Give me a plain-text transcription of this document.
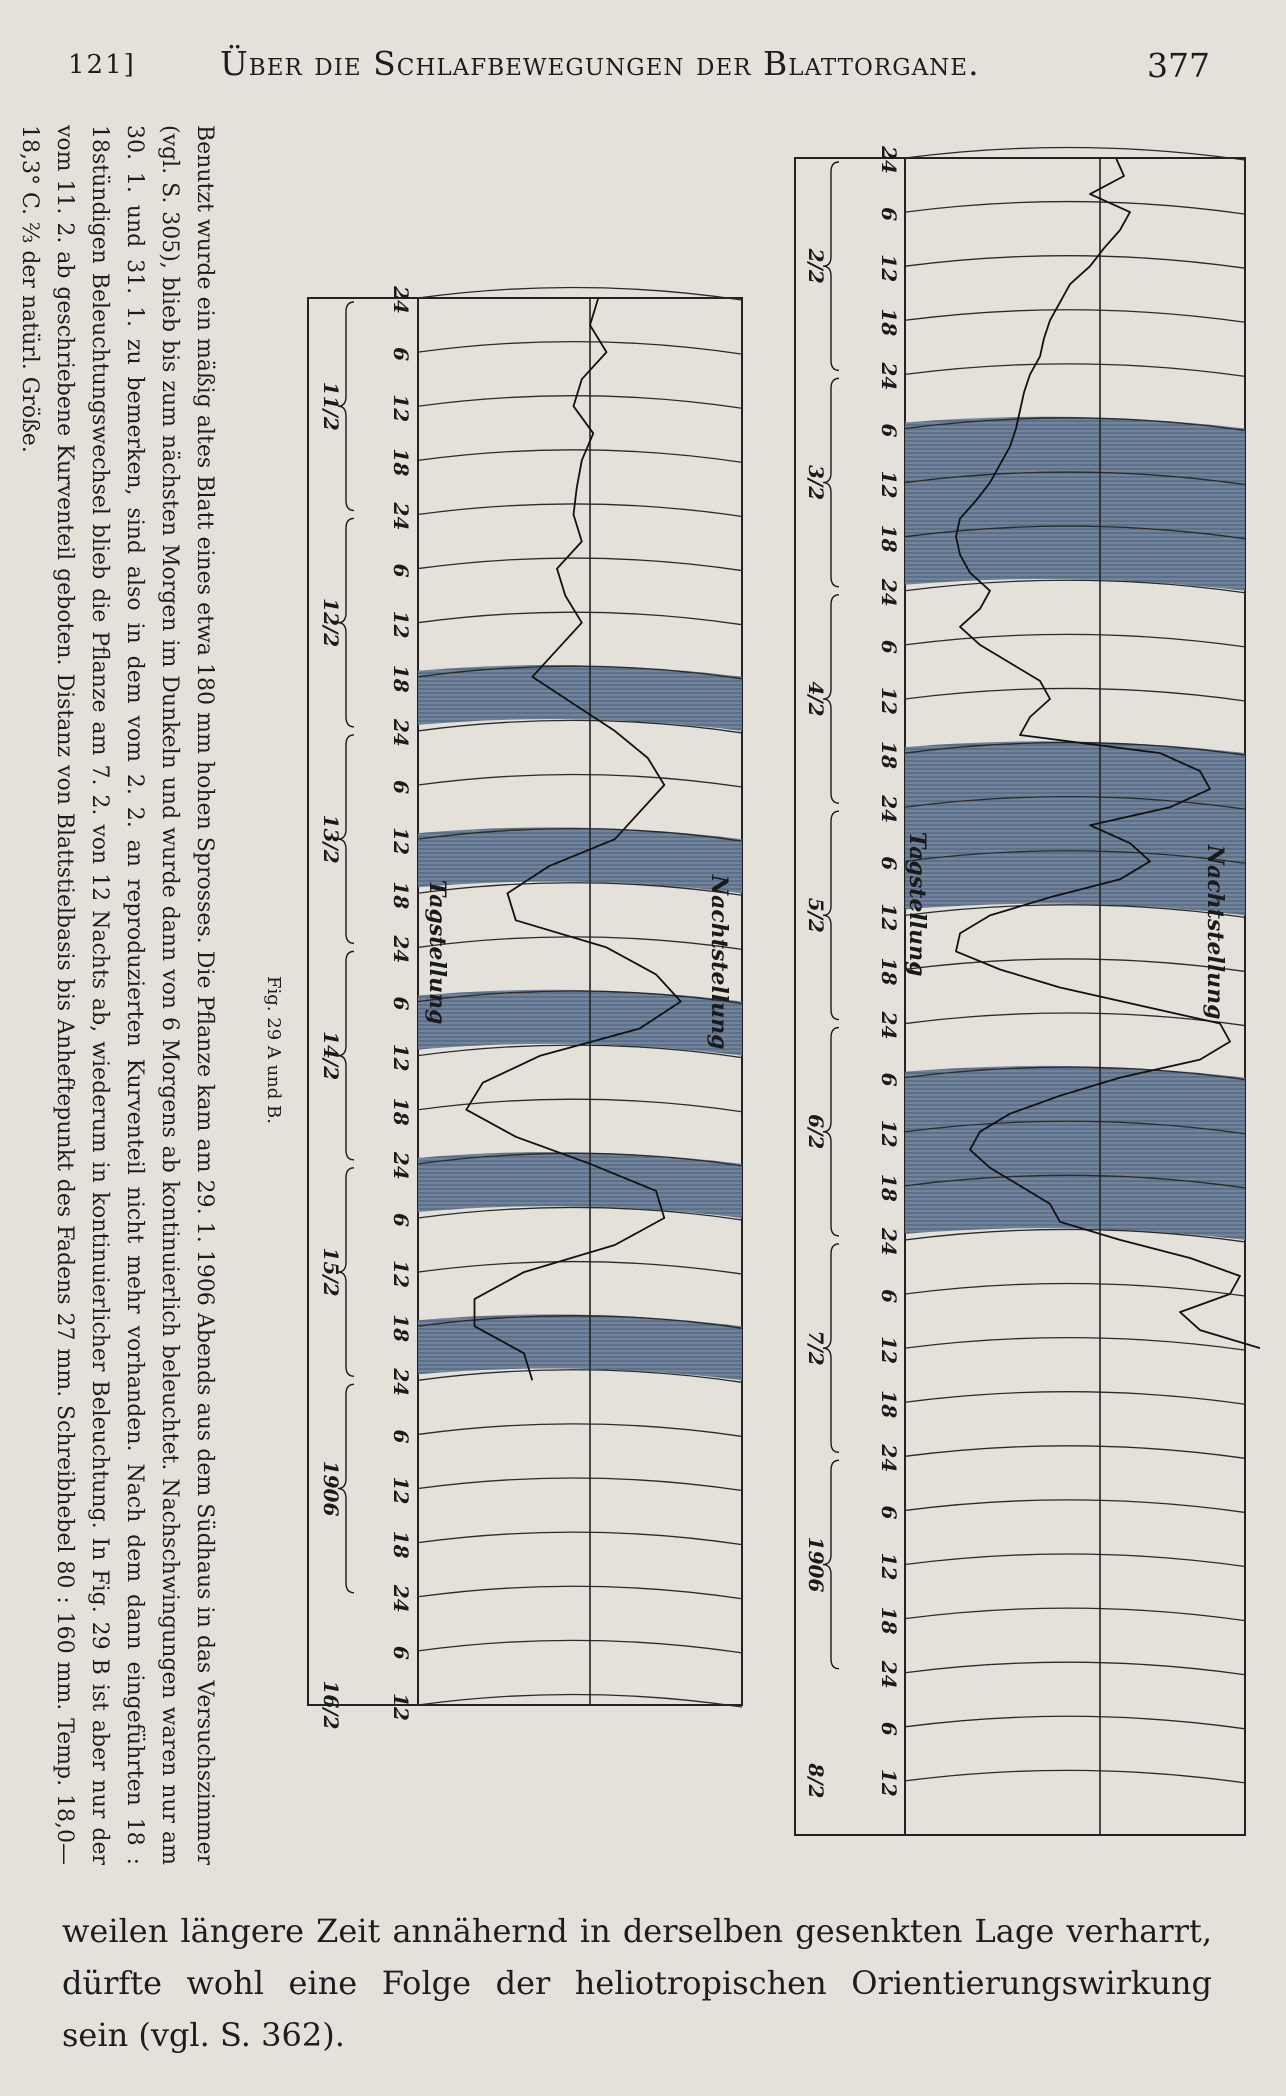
121]	Über die Schlafbewegungen der Blattorgane.	377
Benutzt wurde ein mäßig altes Blatt eines etwa 180 mm hohen Sprosses. Die Pflanze kam am 29. 1. 1906 Abends aus dem Südhaus in das Versuchszimmer (vgl. S. 305), blieb bis zum nächsten Morgen im Dunkeln und wurde dann von 6 Morgens ab kontinuierlich beleuchtet. Nachschwingungen waren nur am 30. 1. und 31. 1. zu bemerken, sind also in dem vom 2. 2. an reproduzierten Kurventeil nicht mehr vorhanden. Nach dem dann eingeführten 18 : 18stündigen Beleuchtungswechsel blieb die Pflanze am 7. 2. von 12 Nachts ab, wiederum in kontinuierlicher Beleuchtung. In Fig. 29 B ist aber nur der vom 11. 2. ab geschriebene Kurventeil geboten. Distanz von Blattstielbasis bis Anheftepunkt des Fadens 27 mm. Schreibhebel 80 : 160 mm. Temp. 18,0—18,3° C. ⅔ der natürl. Größe.
Fig. 29 A und B.
24
6
12
18
24
6
12
18
24
6
12
18
24
6
12
18
24
6
12
18
24
6
12
18
24
6
12
11/2
12/2
13/2
14/2
15/2
1906
16/2
Nachtstellung
Tagstellung
24
6
12
18
24
6
12
18
24
6
12
18
24
6
12
18
24
6
12
18
24
6
12
18
24
6
12
18
24
6
12
2/2
3/2
4/2
5/2
6/2
7/2
1906
8/2
Nachtstellung
Tagstellung

weilen längere Zeit annähernd in derselben gesenkten Lage verharrt,

dürfte wohl eine Folge der heliotropischen Orientierungswirkung

sein (vgl. S. 362).
